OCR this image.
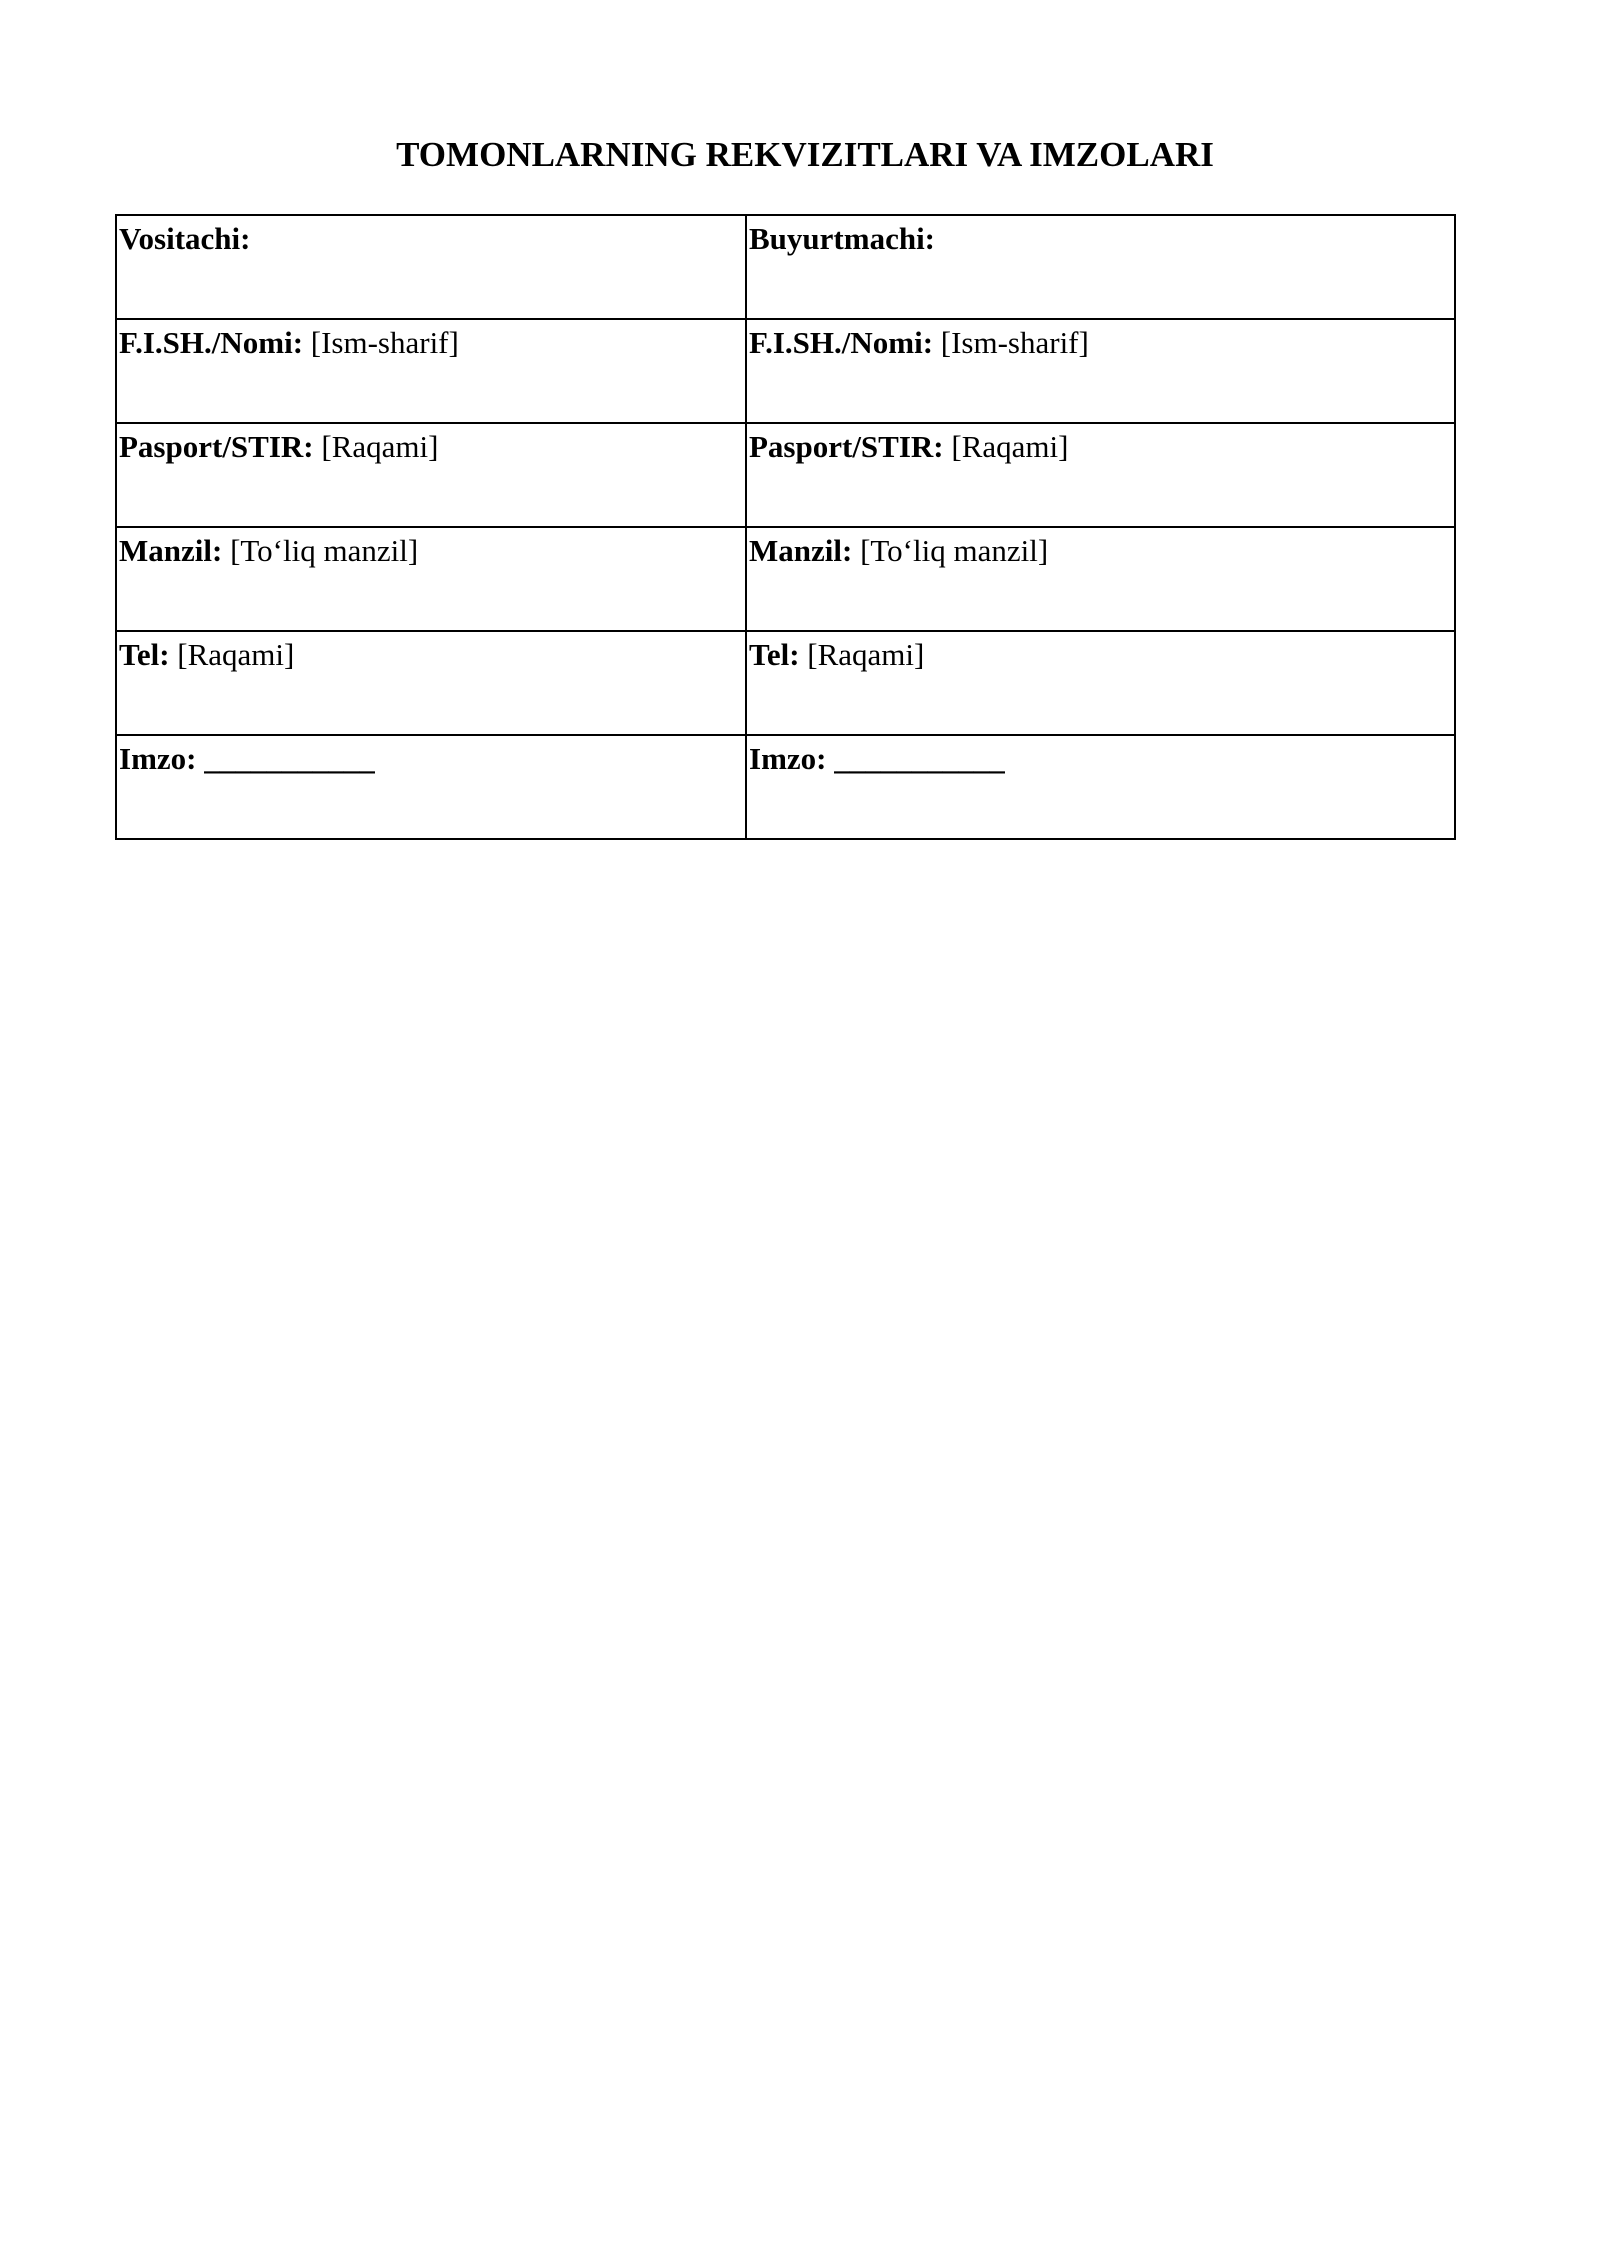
TOMONLARNING REKVIZITLARI VA IMZOLARI
Vositachi:	Buyurtmachi:
F.I.SH./Nomi: [Ism-sharif]	F.I.SH./Nomi: [Ism-sharif]
Pasport/STIR: [Raqami]	Pasport/STIR: [Raqami]
Manzil: [To‘liq manzil]	Manzil: [To‘liq manzil]
Tel: [Raqami]	Tel: [Raqami]
Imzo: ___________	Imzo: ___________
